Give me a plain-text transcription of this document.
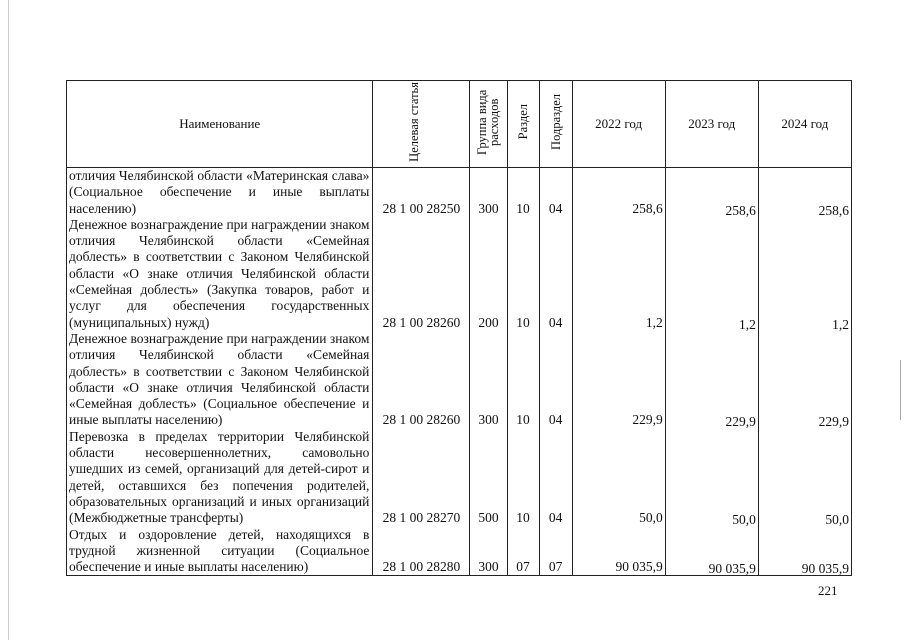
Наименование	Целевая статья	Группа вида расходов	Раздел	Подраздел	2022 год	2023 год	2024 год
отличия Челябинской области «Материнская слава» (Социальное обеспечение и иные выплаты населению)	28 1 00 28250	300	10	04	258,6	258,6	258,6
Денежное вознаграждение при награждении знаком отличия Челябинской области «Семейная доблесть» в соответствии с Законом Челябинской области «О знаке отличия Челябинской области «Семейная доблесть» (Закупка товаров, работ и услуг для обеспечения государственных (муниципальных) нужд)	28 1 00 28260	200	10	04	1,2	1,2	1,2
Денежное вознаграждение при награждении знаком отличия Челябинской области «Семейная доблесть» в соответствии с Законом Челябинской области «О знаке отличия Челябинской области «Семейная доблесть» (Социальное обеспечение и иные выплаты населению)	28 1 00 28260	300	10	04	229,9	229,9	229,9
Перевозка в пределах территории Челябинской области несовершеннолетних, самовольно ушедших из семей, организаций для детей-сирот и детей, оставшихся без попечения родителей, образовательных организаций и иных организаций (Межбюджетные трансферты)	28 1 00 28270	500	10	04	50,0	50,0	50,0
Отдых и оздоровление детей, находящихся в трудной жизненной ситуации (Социальное обеспечение и иные выплаты населению)	28 1 00 28280	300	07	07	90 035,9	90 035,9	90 035,9
221
